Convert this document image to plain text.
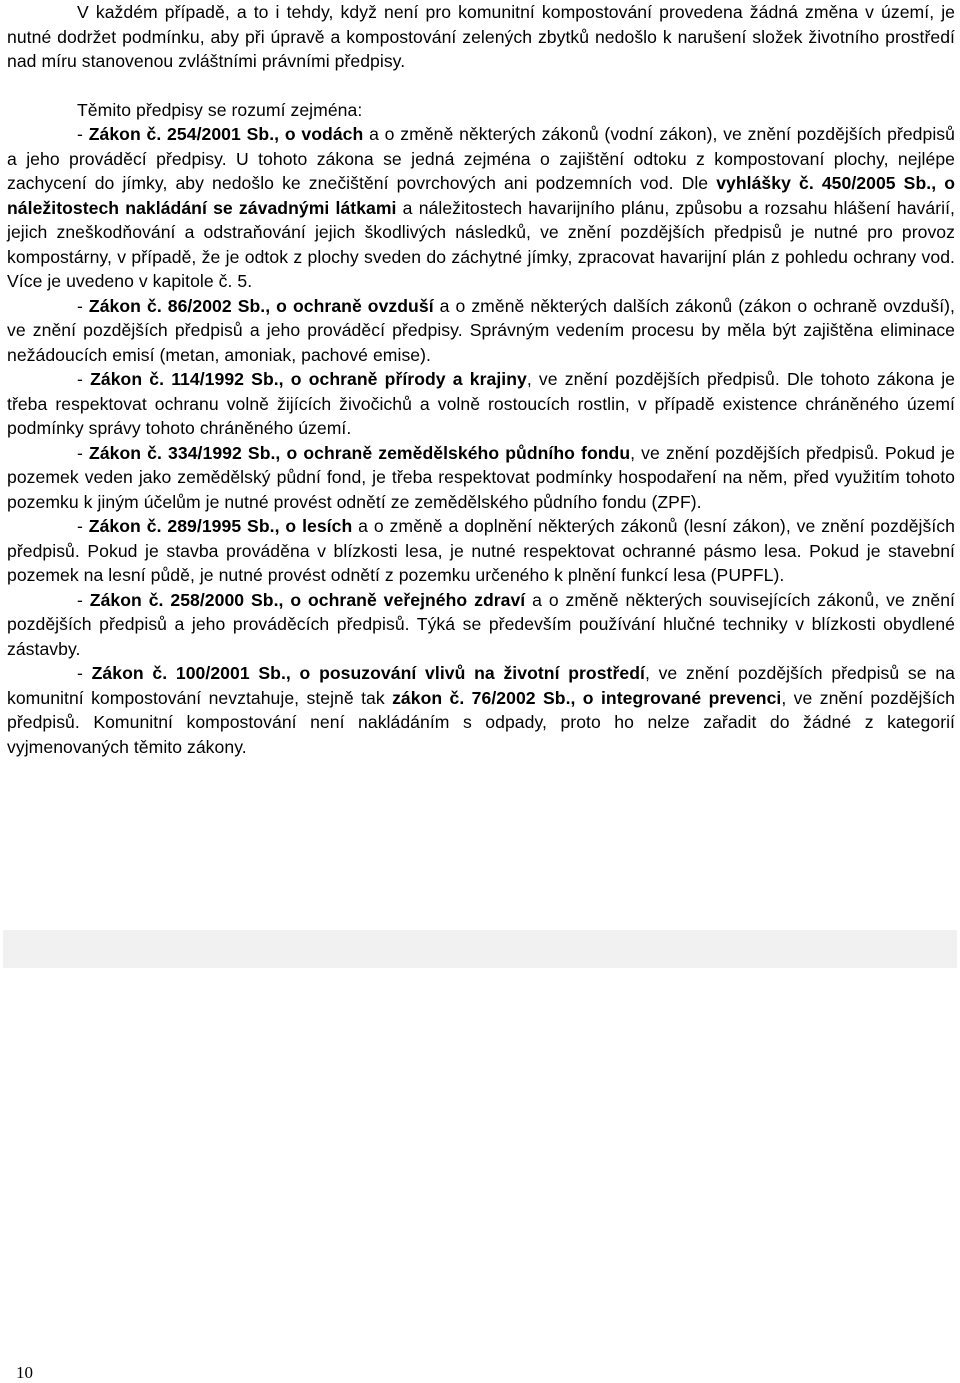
V každém případě, a to i tehdy, když není pro komunitní kompostování provedena žádná změna v území, je nutné dodržet podmínku, aby při úpravě a kompostování zelených zbytků nedošlo k narušení složek životního prostředí nad míru stanovenou zvláštními právními předpisy.

Těmito předpisy se rozumí zejména:

- Zákon č. 254/2001 Sb., o vodách a o změně některých zákonů (vodní zákon), ve znění pozdějších předpisů a jeho prováděcí předpisy. U tohoto zákona se jedná zejména o zajištění odtoku z kompostovaní plochy, nejlépe zachycení do jímky, aby nedošlo ke znečištění povrchových ani podzemních vod. Dle vyhlášky č. 450/2005 Sb., o náležitostech nakládání se závadnými látkami a náležitostech havarijního plánu, způsobu a rozsahu hlášení havárií, jejich zneškodňování a odstraňování jejich škodlivých následků, ve znění pozdějších předpisů je nutné pro provoz kompostárny, v případě, že je odtok z plochy sveden do záchytné jímky, zpracovat havarijní plán z pohledu ochrany vod. Více je uvedeno v kapitole č. 5.

- Zákon č. 86/2002 Sb., o ochraně ovzduší a o změně některých dalších zákonů (zákon o ochraně ovzduší), ve znění pozdějších předpisů a jeho prováděcí předpisy. Správným vedením procesu by měla být zajištěna eliminace nežádoucích emisí (metan, amoniak, pachové emise).

- Zákon č. 114/1992 Sb., o ochraně přírody a krajiny, ve znění pozdějších předpisů. Dle tohoto zákona je třeba respektovat ochranu volně žijících živočichů a volně rostoucích rostlin, v případě existence chráněného území podmínky správy tohoto chráněného území.

- Zákon č. 334/1992 Sb., o ochraně zemědělského půdního fondu, ve znění pozdějších předpisů. Pokud je pozemek veden jako zemědělský půdní fond, je třeba respektovat podmínky hospodaření na něm, před využitím tohoto pozemku k jiným účelům je nutné provést odnětí ze zemědělského půdního fondu (ZPF).

- Zákon č. 289/1995 Sb., o lesích a o změně a doplnění některých zákonů (lesní zákon), ve znění pozdějších předpisů. Pokud je stavba prováděna v blízkosti lesa, je nutné respektovat ochranné pásmo lesa. Pokud je stavební pozemek na lesní půdě, je nutné provést odnětí z pozemku určeného k plnění funkcí lesa (PUPFL).

- Zákon č. 258/2000 Sb., o ochraně veřejného zdraví a o změně některých souvisejících zákonů, ve znění pozdějších předpisů a jeho prováděcích předpisů. Týká se především používání hlučné techniky v blízkosti obydlené zástavby.

- Zákon č. 100/2001 Sb., o posuzování vlivů na životní prostředí, ve znění pozdějších předpisů se na komunitní kompostování nevztahuje, stejně tak zákon č. 76/2002 Sb., o integrované prevenci, ve znění pozdějších předpisů. Komunitní kompostování není nakládáním s odpady, proto ho nelze zařadit do žádné z kategorií vyjmenovaných těmito zákony.

10
